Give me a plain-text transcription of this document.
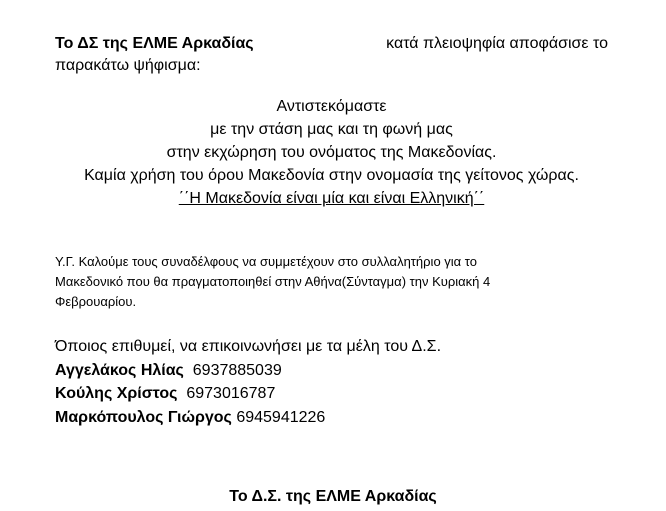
Το ΔΣ της ΕΛΜΕ Αρκαδίας	κατά πλειοψηφία αποφάσισε το
παρακάτω ψήφισμα:
Αντιστεκόμαστε
με την στάση μας και τη φωνή μας
στην εκχώρηση του ονόματος της Μακεδονίας.
Καμία χρήση του όρου Μακεδονία στην ονομασία της γείτονος χώρας.
΄΄Η Μακεδονία είναι μία και είναι Ελληνική΄΄
Υ.Γ. Καλούμε τους συναδέλφους να συμμετέχουν στο συλλαλητήριο για το
Μακεδονικό που θα πραγματοποιηθεί στην Αθήνα(Σύνταγμα) την Κυριακή 4
Φεβρουαρίου.
Όποιος επιθυμεί, να επικοινωνήσει με τα μέλη του Δ.Σ.
Αγγελάκος Ηλίας 6937885039
Κούλης Χρίστος 6973016787
Μαρκόπουλος Γιώργος 6945941226
Το Δ.Σ. της ΕΛΜΕ Αρκαδίας
